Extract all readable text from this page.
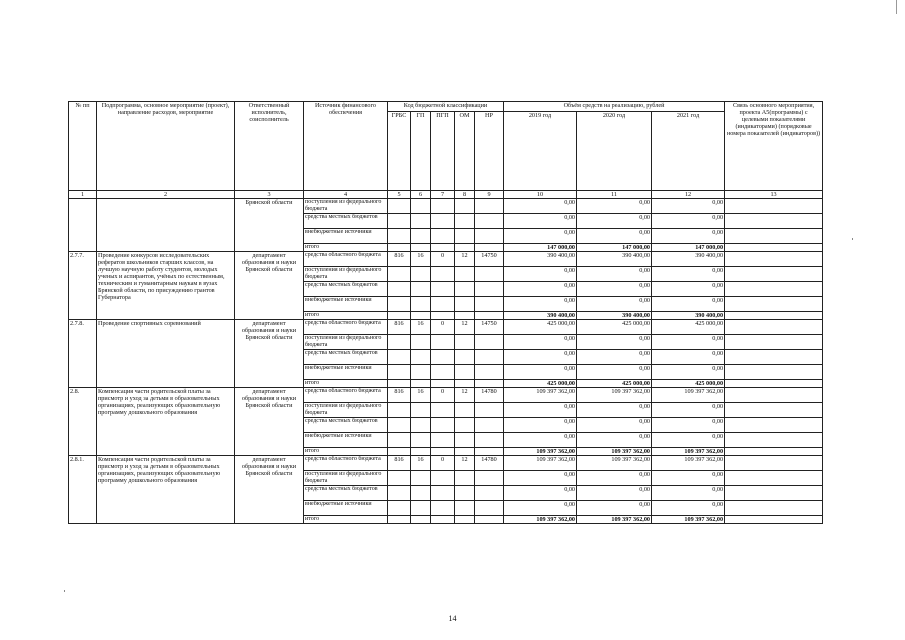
№ пп	Подпрограмма, основное мероприятие (проект), направление расходов, мероприятие	Ответственный исполнитель, соисполнитель	Источник финансового обеспечения	Код бюджетной классификации					Объём средств на реализацию, рублей			Связь основного мероприятия, проекта А5(программы) с целевыми показателями (индикаторами) (порядковые номера показателей (индикаторов))
				ГРБС	ГП	ПГП	ОМ	НР	2019 год	2020 год	2021 год	
1	2	3	4	5	6	7	8	9	10	11	12	13
		Брянской области	поступления из федерального бюджета						0,00	0,00	0,00	
			средства местных бюджетов						0,00	0,00	0,00	
			внебюджетные источники						0,00	0,00	0,00	
			итого						147 000,00	147 000,00	147 000,00	
2.7.7.	Проведение конкурсов исследовательских рефератов школьников старших классов, на лучшую научную работу студентов, молодых ученых и аспирантов, учёных по естественным, техническим и гуманитарным наукам в вузах Брянской области, по присуждению грантов Губернатора	департамент образования и науки Брянской области	средства областного бюджета	816	16	0	12	14750	390 400,00	390 400,00	390 400,00	
			поступления из федерального бюджета						0,00	0,00	0,00	
			средства местных бюджетов						0,00	0,00	0,00	
			внебюджетные источники						0,00	0,00	0,00	
			итого						390 400,00	390 400,00	390 400,00	
2.7.8.	Проведение спортивных соревнований	департамент образования и науки Брянской области	средства областного бюджета	816	16	0	12	14750	425 000,00	425 000,00	425 000,00	
			поступления из федерального бюджета						0,00	0,00	0,00	
			средства местных бюджетов						0,00	0,00	0,00	
			внебюджетные источники						0,00	0,00	0,00	
			итого						425 000,00	425 000,00	425 000,00	
2.8.	Компенсация части родительской платы за присмотр и уход за детьми в образовательных организациях, реализующих образовательную программу дошкольного образования	департамент образования и науки Брянской области	средства областного бюджета	816	16	0	12	14780	109 397 362,00	109 397 362,00	109 397 362,00	
			поступления из федерального бюджета						0,00	0,00	0,00	
			средства местных бюджетов						0,00	0,00	0,00	
			внебюджетные источники						0,00	0,00	0,00	
			итого						109 397 362,00	109 397 362,00	109 397 362,00	
2.8.1.	Компенсация части родительской платы за присмотр и уход за детьми в образовательных организациях, реализующих образовательную программу дошкольного образования	департамент образования и науки Брянской области	средства областного бюджета	816	16	0	12	14780	109 397 362,00	109 397 362,00	109 397 362,00	
			поступления из федерального бюджета						0,00	0,00	0,00	
			средства местных бюджетов						0,00	0,00	0,00	
			внебюджетные источники						0,00	0,00	0,00	
			итого						109 397 362,00	109 397 362,00	109 397 362,00	
14
